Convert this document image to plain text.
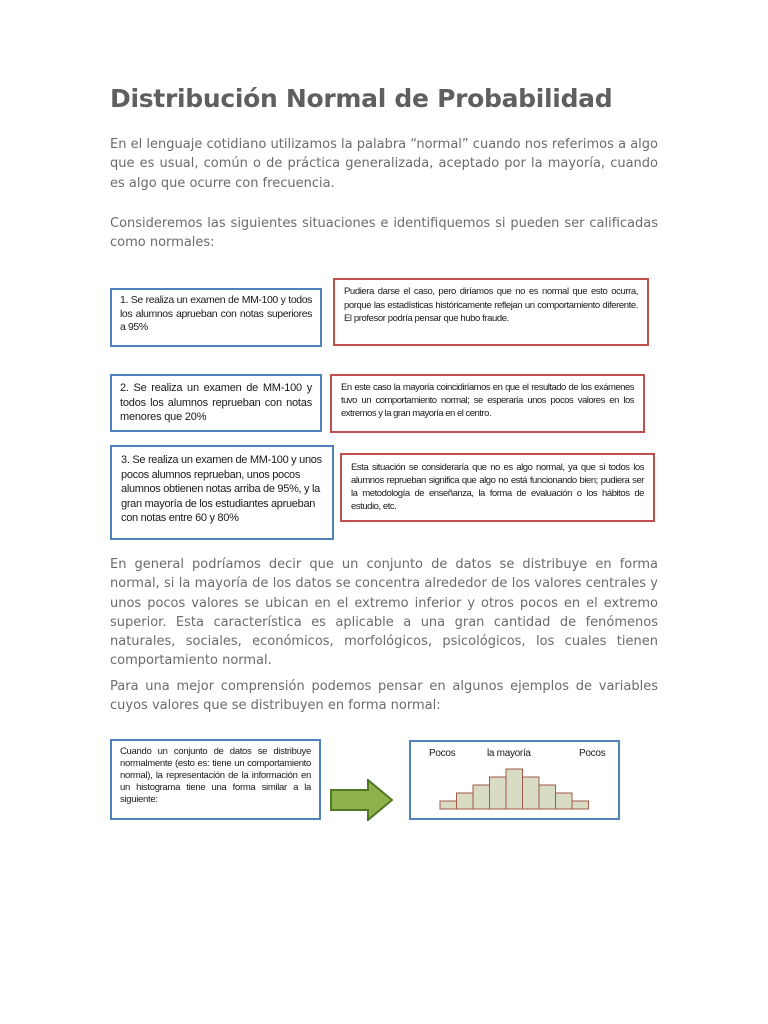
Distribución Normal de Probabilidad

En el lenguaje cotidiano utilizamos la palabra “normal” cuando nos referimos a algo que es usual, común o de práctica generalizada, aceptado por la mayoría, cuando es algo que ocurre con frecuencia.

Consideremos las siguientes situaciones e identifiquemos si pueden ser calificadas como normales:

1. Se realiza un examen de MM-100 y todos los alumnos aprueban con notas superiores a 95%

Pudiera darse el caso, pero diríamos que no es normal que esto ocurra, porque las estadísticas históricamente reflejan un comportamiento diferente. El profesor podría pensar que hubo fraude.

2. Se realiza un examen de MM-100 y todos los alumnos reprueban con notas menores que 20%

En este caso la mayoría coincidiríamos en que el resultado de los exámenes tuvo un comportamiento normal; se esperaría unos pocos valores en los extremos y la gran mayoría en el centro.

3. Se realiza un examen de MM-100 y unos pocos alumnos reprueban, unos pocos alumnos obtienen notas arriba de 95%, y la gran mayoría de los estudiantes aprueban con notas entre 60 y 80%

Esta situación se consideraría que no es algo normal, ya que si todos los alumnos reprueban significa que algo no está funcionando bien; pudiera ser la metodología de enseñanza, la forma de evaluación o los hábitos de estudio, etc.

En general podríamos decir que un conjunto de datos se distribuye en forma normal, si la mayoría de los datos se concentra alrededor de los valores centrales y unos pocos valores se ubican en el extremo inferior y otros pocos en el extremo superior. Esta característica es aplicable a una gran cantidad de fenómenos naturales, sociales, económicos, morfológicos, psicológicos, los cuales tienen comportamiento normal.

Para una mejor comprensión podemos pensar en algunos ejemplos de variables cuyos valores que se distribuyen en forma normal:

Cuando un conjunto de datos se distribuye normalmente (esto es: tiene un comportamiento normal), la representación de la información en un histograma tiene una forma similar a la siguiente:

Pocos	la mayoría	Pocos
